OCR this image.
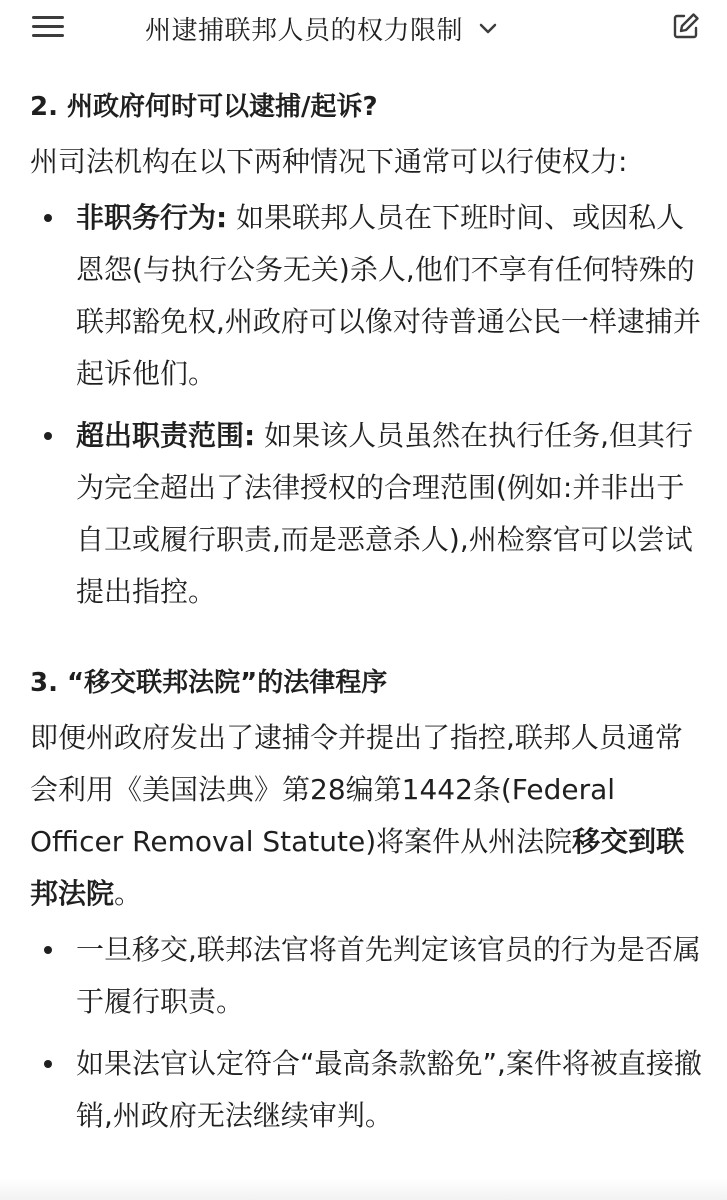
州逮捕联邦人员的权力限制
2. 州政府何时可以逮捕/起诉?

州司法机构在以下两种情况下通常可以行使权力:

非职务行为: 如果联邦人员在下班时间、或因私人恩怨(与执行公务无关)杀人,他们不享有任何特殊的联邦豁免权,州政府可以像对待普通公民一样逮捕并起诉他们。
超出职责范围: 如果该人员虽然在执行任务,但其行为完全超出了法律授权的合理范围(例如:并非出于自卫或履行职责,而是恶意杀人),州检察官可以尝试提出指控。
3. “移交联邦法院”的法律程序

即便州政府发出了逮捕令并提出了指控,联邦人员通常会利用《美国法典》第28编第1442条(Federal Officer Removal Statute)将案件从州法院移交到联邦法院。

一旦移交,联邦法官将首先判定该官员的行为是否属于履行职责。
如果法官认定符合“最高条款豁免”,案件将被直接撤销,州政府无法继续审判。
